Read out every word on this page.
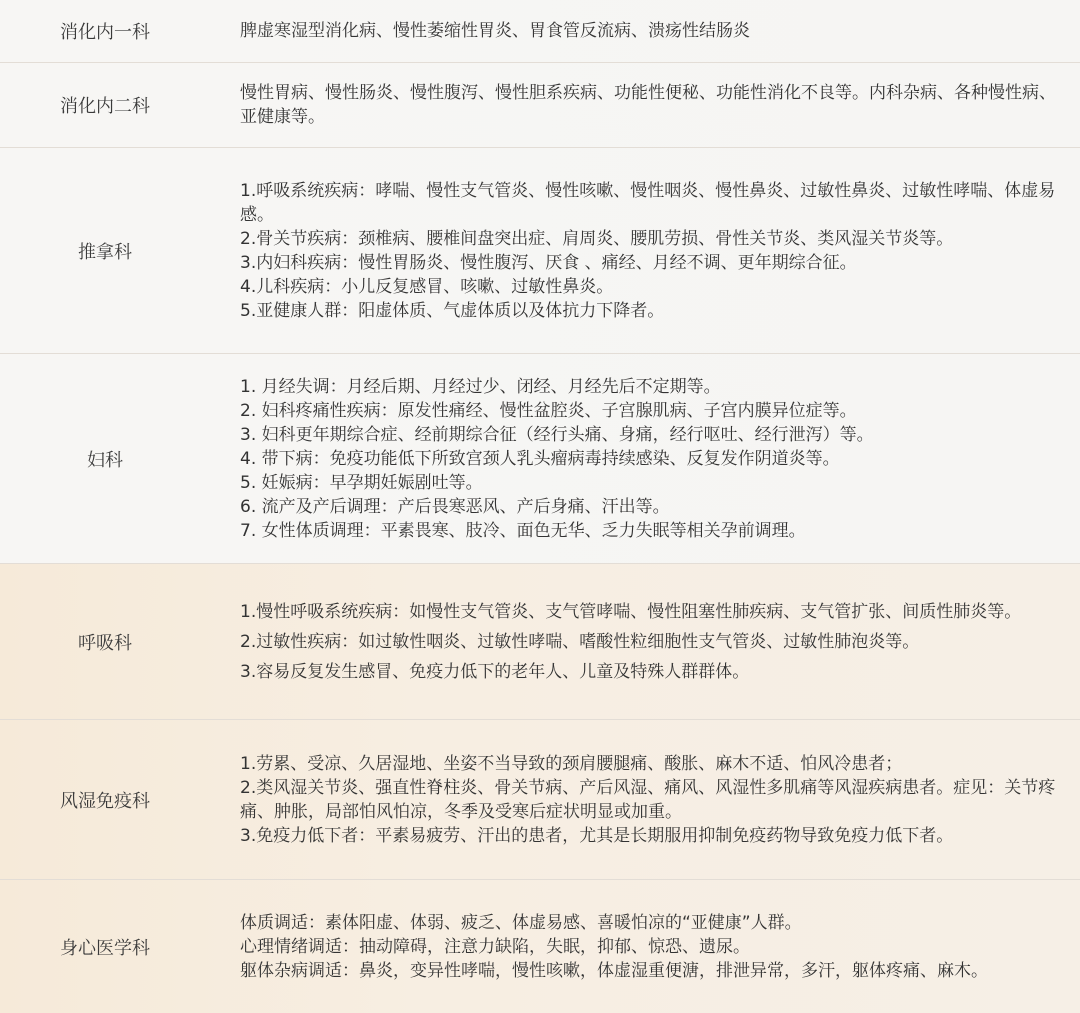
消化内一科	脾虚寒湿型消化病、慢性萎缩性胃炎、胃食管反流病、溃疡性结肠炎
消化内二科
慢性胃病、慢性肠炎、慢性腹泻、慢性胆系疾病、功能性便秘、功能性消化不良等。内科杂病、各种慢性病、亚健康等。
推拿科
1.呼吸系统疾病：哮喘、慢性支气管炎、慢性咳嗽、慢性咽炎、慢性鼻炎、过敏性鼻炎、过敏性哮喘、体虚易感。
2.骨关节疾病：颈椎病、腰椎间盘突出症、肩周炎、腰肌劳损、骨性关节炎、类风湿关节炎等。
3.内妇科疾病：慢性胃肠炎、慢性腹泻、厌食 、痛经、月经不调、更年期综合征。
4.儿科疾病：小儿反复感冒、咳嗽、过敏性鼻炎。
5.亚健康人群：阳虚体质、气虚体质以及体抗力下降者。
妇科
1. 月经失调：月经后期、月经过少、闭经、月经先后不定期等。
2. 妇科疼痛性疾病：原发性痛经、慢性盆腔炎、子宫腺肌病、子宫内膜异位症等。
3. 妇科更年期综合症、经前期综合征（经行头痛、身痛，经行呕吐、经行泄泻）等。
4. 带下病：免疫功能低下所致宫颈人乳头瘤病毒持续感染、反复发作阴道炎等。
5. 妊娠病：早孕期妊娠剧吐等。
6. 流产及产后调理：产后畏寒恶风、产后身痛、汗出等。
7. 女性体质调理：平素畏寒、肢冷、面色无华、乏力失眠等相关孕前调理。
呼吸科
1.慢性呼吸系统疾病：如慢性支气管炎、支气管哮喘、慢性阻塞性肺疾病、支气管扩张、间质性肺炎等。
2.过敏性疾病：如过敏性咽炎、过敏性哮喘、嗜酸性粒细胞性支气管炎、过敏性肺泡炎等。
3.容易反复发生感冒、免疫力低下的老年人、儿童及特殊人群群体。
风湿免疫科
1.劳累、受凉、久居湿地、坐姿不当导致的颈肩腰腿痛、酸胀、麻木不适、怕风冷患者；
2.类风湿关节炎、强直性脊柱炎、骨关节病、产后风湿、痛风、风湿性多肌痛等风湿疾病患者。症见：关节疼痛、肿胀，局部怕风怕凉，冬季及受寒后症状明显或加重。
3.免疫力低下者：平素易疲劳、汗出的患者，尤其是长期服用抑制免疫药物导致免疫力低下者。
身心医学科
体质调适：素体阳虚、体弱、疲乏、体虚易感、喜暖怕凉的“亚健康”人群。
心理情绪调适：抽动障碍，注意力缺陷，失眠，抑郁、惊恐、遗尿。
躯体杂病调适：鼻炎，变异性哮喘，慢性咳嗽，体虚湿重便溏，排泄异常，多汗，躯体疼痛、麻木。
